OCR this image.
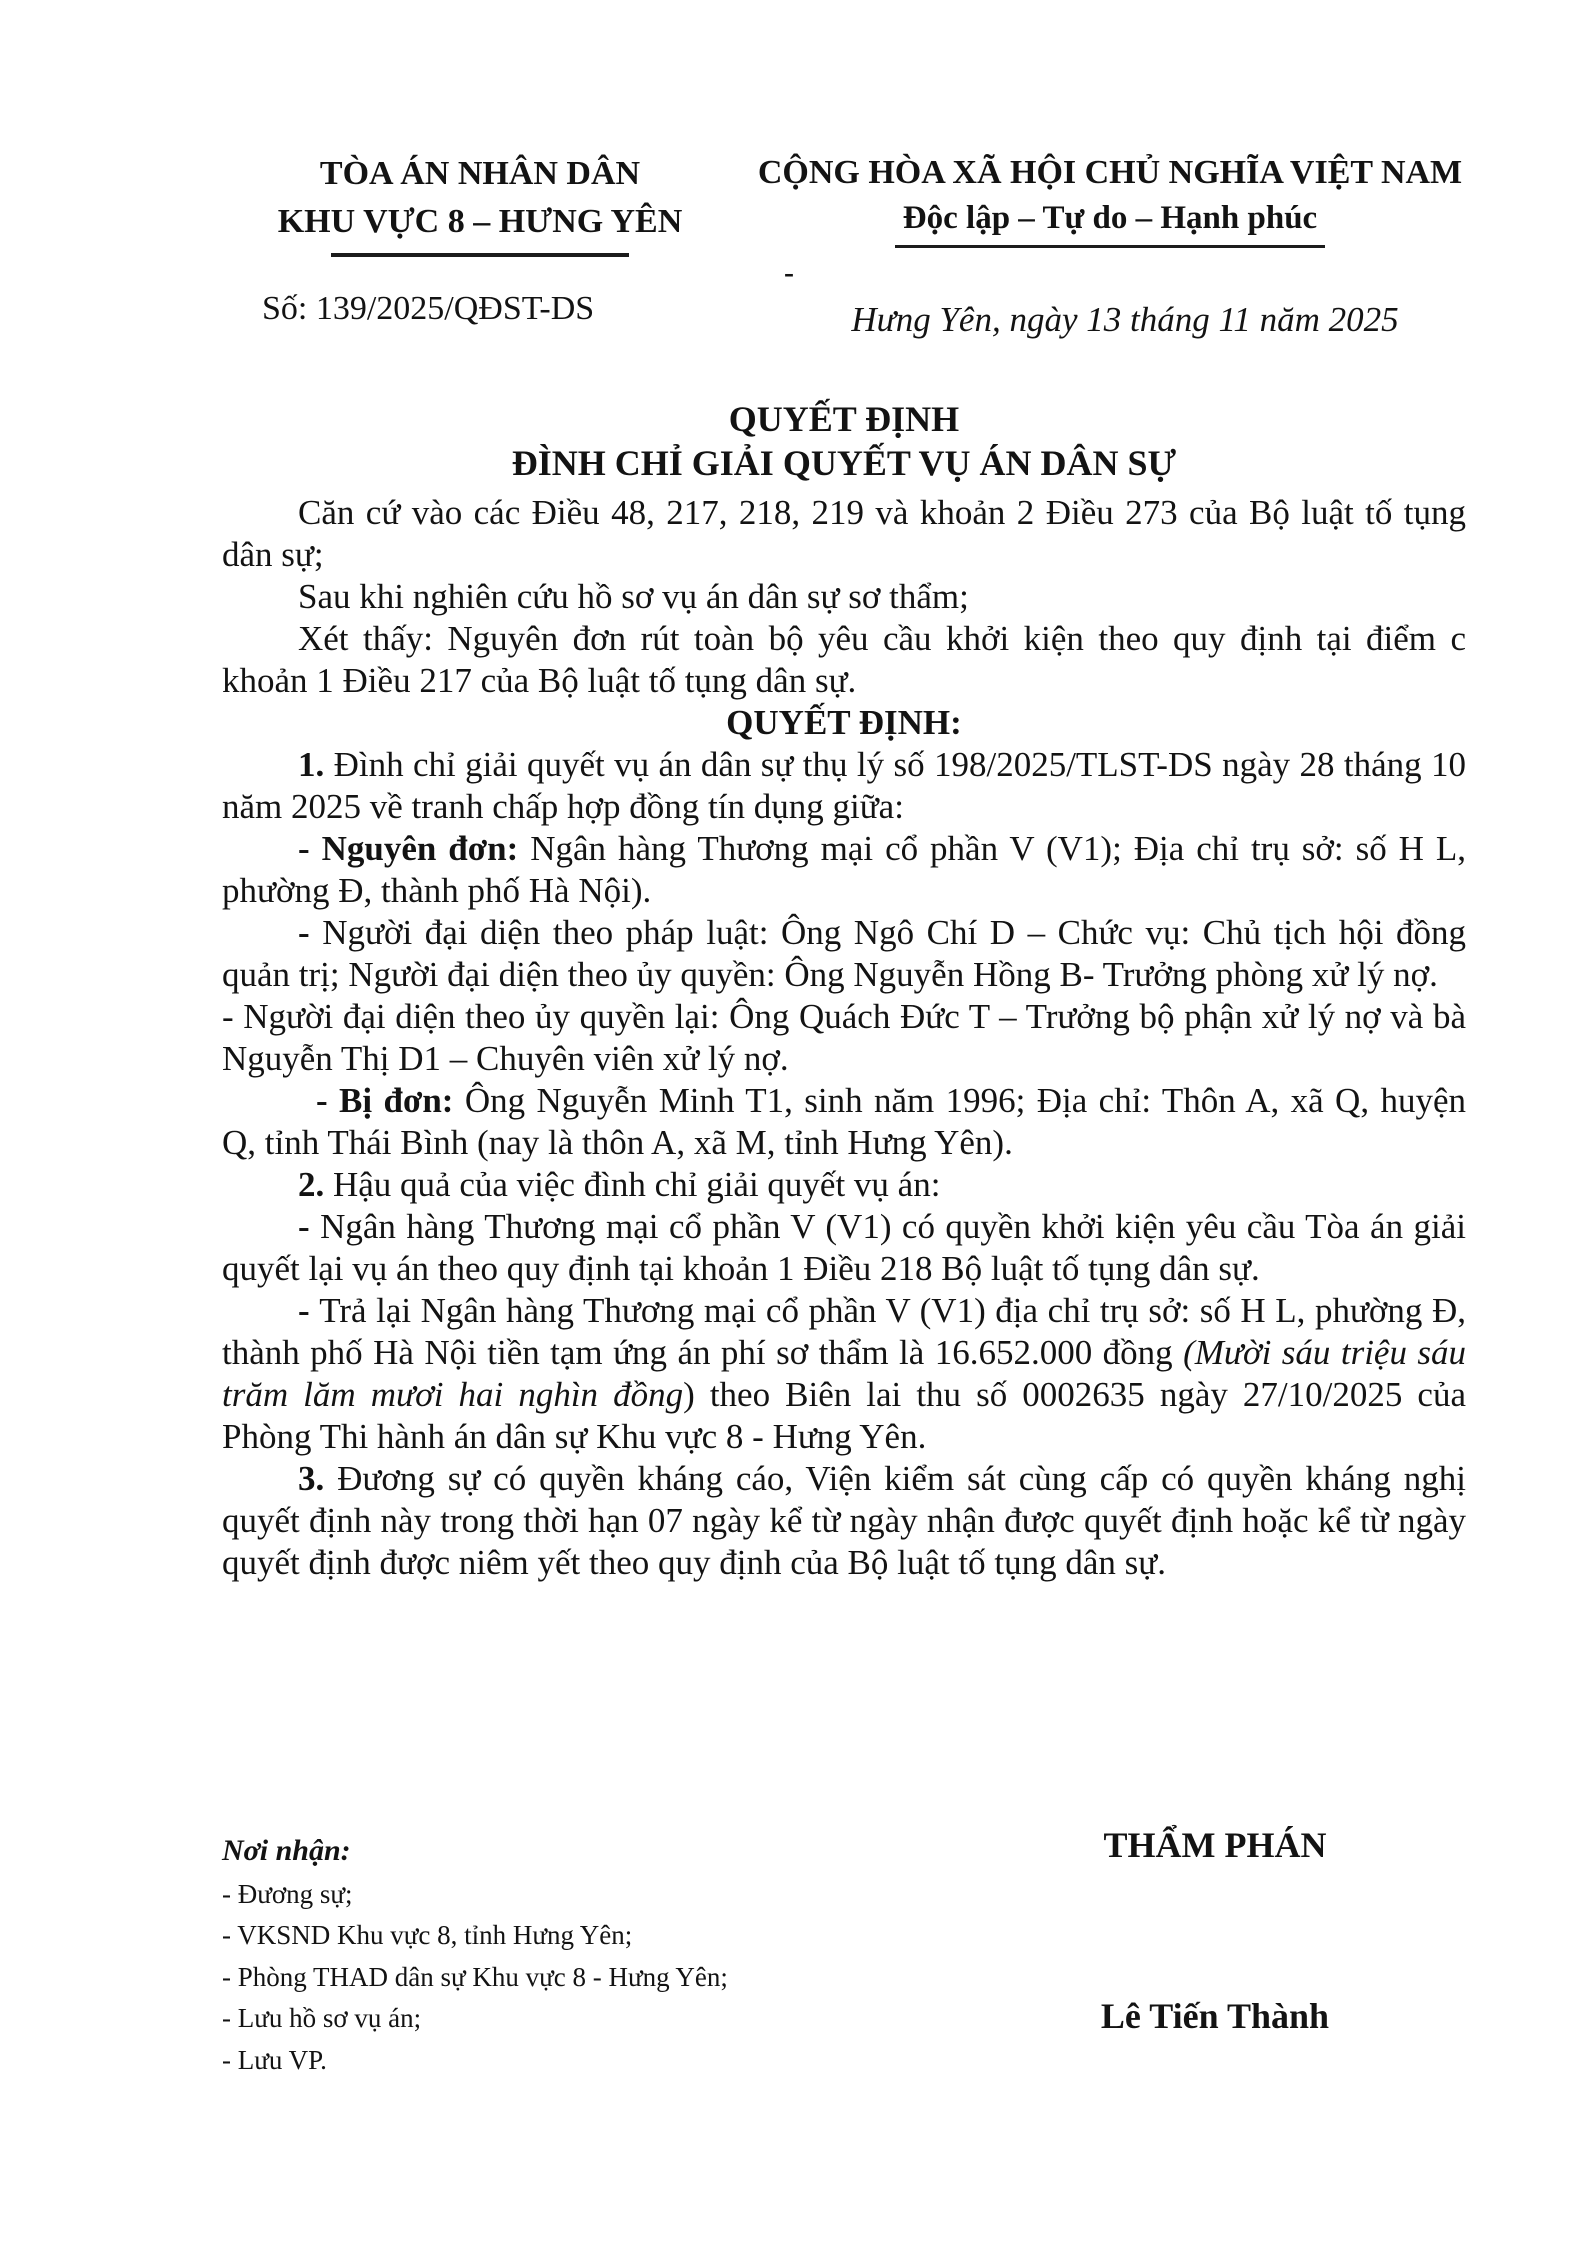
TÒA ÁN NHÂN DÂN
KHU VỰC 8 – HƯNG YÊN
CỘNG HÒA XÃ HỘI CHỦ NGHĨA VIỆT NAM
Độc lập – Tự do – Hạnh phúc
Số: 139/2025/QĐST-DS
-
Hưng Yên, ngày 13 tháng 11 năm 2025
QUYẾT ĐỊNH
ĐÌNH CHỈ GIẢI QUYẾT VỤ ÁN DÂN SỰ

Căn cứ vào các Điều 48, 217, 218, 219 và khoản 2 Điều 273 của Bộ luật tố tụng dân sự;

Sau khi nghiên cứu hồ sơ vụ án dân sự sơ thẩm;

Xét thấy: Nguyên đơn rút toàn bộ yêu cầu khởi kiện theo quy định tại điểm c khoản 1 Điều 217 của Bộ luật tố tụng dân sự.

QUYẾT ĐỊNH:

1. Đình chỉ giải quyết vụ án dân sự thụ lý số 198/2025/TLST-DS ngày 28 tháng 10 năm 2025 về tranh chấp hợp đồng tín dụng giữa:

- Nguyên đơn: Ngân hàng Thương mại cổ phần V (V1); Địa chỉ trụ sở: số H L, phường Đ, thành phố Hà Nội).

- Người đại diện theo pháp luật: Ông Ngô Chí D – Chức vụ: Chủ tịch hội đồng quản trị; Người đại diện theo ủy quyền: Ông Nguyễn Hồng B- Trưởng phòng xử lý nợ.

- Người đại diện theo ủy quyền lại: Ông Quách Đức T – Trưởng bộ phận xử lý nợ và bà Nguyễn Thị D1 – Chuyên viên xử lý nợ.

- Bị đơn: Ông Nguyễn Minh T1, sinh năm 1996; Địa chỉ: Thôn A, xã Q, huyện Q, tỉnh Thái Bình (nay là thôn A, xã M, tỉnh Hưng Yên).

2. Hậu quả của việc đình chỉ giải quyết vụ án:

- Ngân hàng Thương mại cổ phần V (V1) có quyền khởi kiện yêu cầu Tòa án giải quyết lại vụ án theo quy định tại khoản 1 Điều 218 Bộ luật tố tụng dân sự.

- Trả lại Ngân hàng Thương mại cổ phần V (V1) địa chỉ trụ sở: số H L, phường Đ, thành phố Hà Nội tiền tạm ứng án phí sơ thẩm là 16.652.000 đồng (Mười sáu triệu sáu trăm lăm mươi hai nghìn đồng) theo Biên lai thu số 0002635 ngày 27/10/2025 của Phòng Thi hành án dân sự Khu vực 8 - Hưng Yên.

3. Đương sự có quyền kháng cáo, Viện kiểm sát cùng cấp có quyền kháng nghị quyết định này trong thời hạn 07 ngày kể từ ngày nhận được quyết định hoặc kể từ ngày quyết định được niêm yết theo quy định của Bộ luật tố tụng dân sự.

Nơi nhận:
- Đương sự;
- VKSND Khu vực 8, tỉnh Hưng Yên;
- Phòng THAD dân sự Khu vực 8 - Hưng Yên;
- Lưu hồ sơ vụ án;
- Lưu VP.
THẨM PHÁN
Lê Tiến Thành
